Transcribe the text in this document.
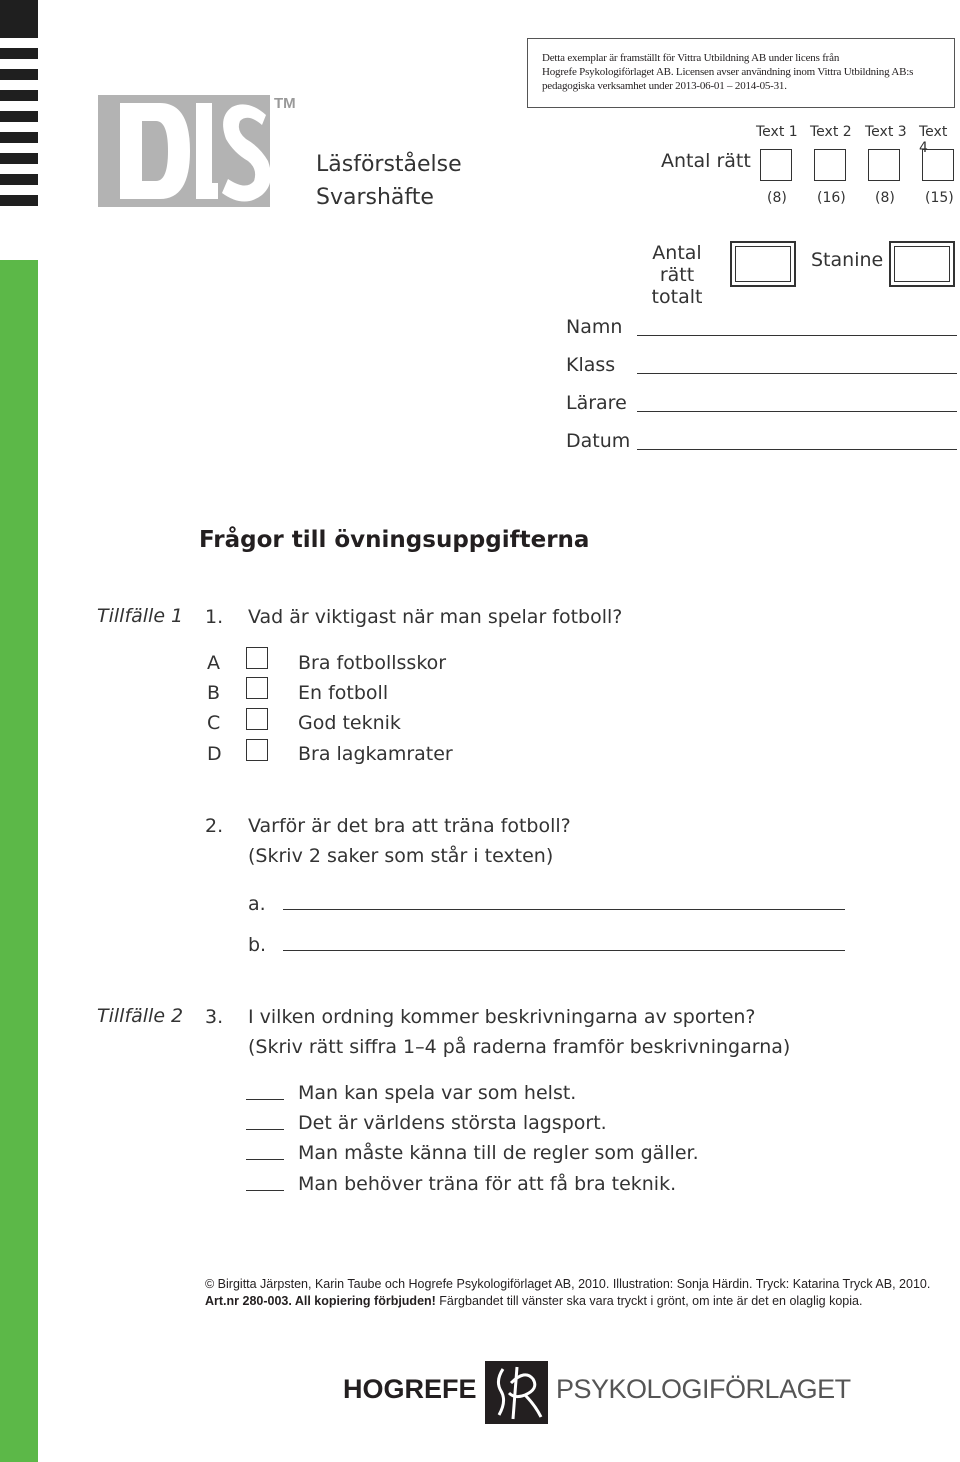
Detta exemplar är framställt för Vittra Utbildning AB under licens från
Hogrefe Psykologiförlaget AB. Licensen avser användning inom Vittra Utbildning AB:s
pedagogiska verksamhet under 2013-06-01 – 2014-05-31.
TM
Läsförståelse
Svarshäfte
Antal rätt
Text 1 Text 2 Text 3 Text 4
(8) (16) (8) (15)
Antal rätt
totalt
Stanine
Namn
Klass
Lärare
Datum
Frågor till övningsuppgifterna
Tillfälle 1 1. Vad är viktigast när man spelar fotboll?
A	Bra fotbollsskor
B	En fotboll
C	God teknik
D	Bra lagkamrater
2. Varför är det bra att träna fotboll?
(Skriv 2 saker som står i texten)
a.
b.
Tillfälle 2 3. I vilken ordning kommer beskrivningarna av sporten?
(Skriv rätt siffra 1–4 på raderna framför beskrivningarna)
Man kan spela var som helst.
Det är världens största lagsport.
Man måste känna till de regler som gäller.
Man behöver träna för att få bra teknik.
© Birgitta Järpsten, Karin Taube och Hogrefe Psykologiförlaget AB, 2010. Illustration: Sonja Härdin. Tryck: Katarina Tryck AB, 2010.
Art.nr 280-003. All kopiering förbjuden! Färgbandet till vänster ska vara tryckt i grönt, om inte är det en olaglig kopia.
HOGREFE	PSYKOLOGIFÖRLAGET
